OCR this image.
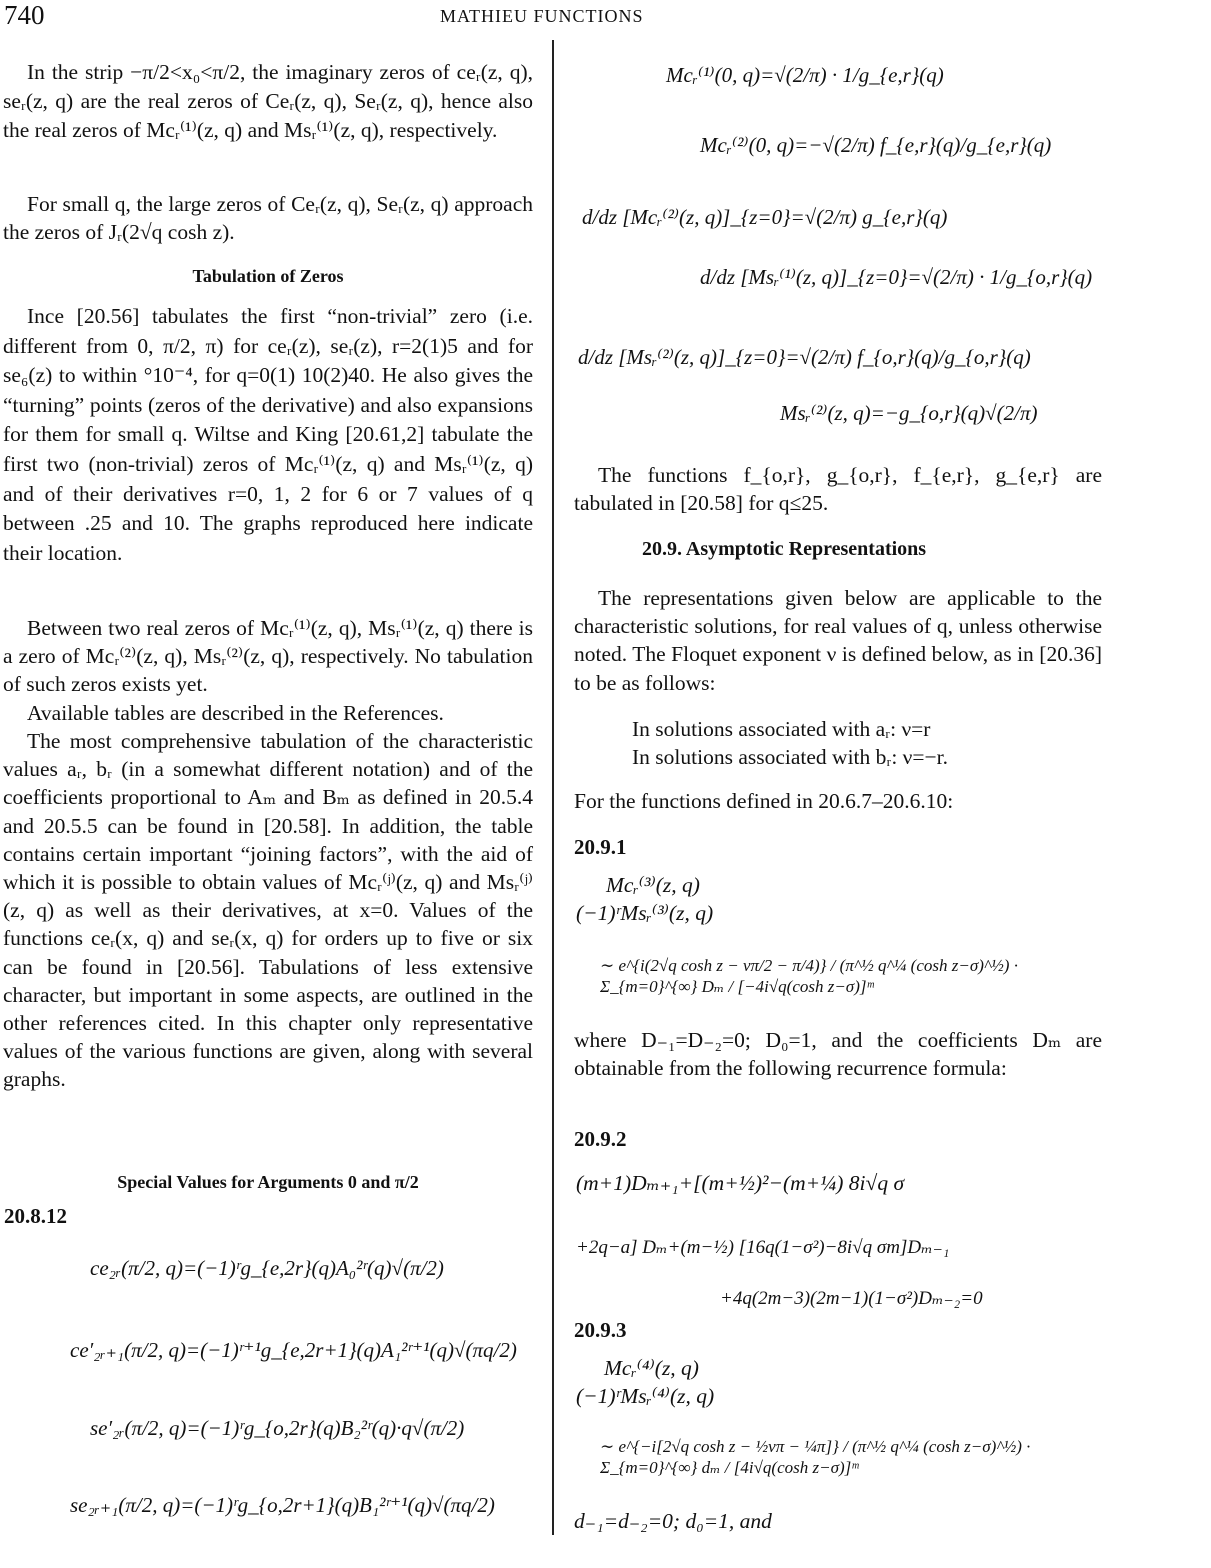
740	MATHIEU FUNCTIONS
In the strip −π/2<x₀<π/2, the imaginary zeros of ceᵣ(z, q), seᵣ(z, q) are the real zeros of Ceᵣ(z, q), Seᵣ(z, q), hence also the real zeros of Mcᵣ⁽¹⁾(z, q) and Msᵣ⁽¹⁾(z, q), respectively.
For small q, the large zeros of Ceᵣ(z, q), Seᵣ(z, q) approach the zeros of Jᵣ(2√q cosh z).
Tabulation of Zeros
Ince [20.56] tabulates the first “non-trivial” zero (i.e. different from 0, π/2, π) for ceᵣ(z), seᵣ(z), r=2(1)5 and for se₆(z) to within °10⁻⁴, for q=0(1) 10(2)40. He also gives the “turning” points (zeros of the derivative) and also expansions for them for small q. Wiltse and King [20.61,2] tabulate the first two (non-trivial) zeros of Mcᵣ⁽¹⁾(z, q) and Msᵣ⁽¹⁾(z, q) and of their derivatives r=0, 1, 2 for 6 or 7 values of q between .25 and 10. The graphs reproduced here indicate their location.
Between two real zeros of Mcᵣ⁽¹⁾(z, q), Msᵣ⁽¹⁾(z, q) there is a zero of Mcᵣ⁽²⁾(z, q), Msᵣ⁽²⁾(z, q), respectively. No tabulation of such zeros exists yet.
Available tables are described in the References.
The most comprehensive tabulation of the characteristic values aᵣ, bᵣ (in a somewhat different notation) and of the coefficients proportional to Aₘ and Bₘ as defined in 20.5.4 and 20.5.5 can be found in [20.58]. In addition, the table contains certain important “joining factors”, with the aid of which it is possible to obtain values of Mcᵣ⁽ʲ⁾(z, q) and Msᵣ⁽ʲ⁾(z, q) as well as their derivatives, at x=0. Values of the functions ceᵣ(x, q) and seᵣ(x, q) for orders up to five or six can be found in [20.56]. Tabulations of less extensive character, but important in some aspects, are outlined in the other references cited. In this chapter only representative values of the various functions are given, along with several graphs.
Special Values for Arguments 0 and π/2
20.8.12
ce₂ᵣ(π/2, q)=(−1)ʳg_{e,2r}(q)A₀²ʳ(q)√(π/2)
ce′₂ᵣ₊₁(π/2, q)=(−1)ʳ⁺¹g_{e,2r+1}(q)A₁²ʳ⁺¹(q)√(πq/2)
se′₂ᵣ(π/2, q)=(−1)ʳg_{o,2r}(q)B₂²ʳ(q)·q√(π/2)
se₂ᵣ₊₁(π/2, q)=(−1)ʳg_{o,2r+1}(q)B₁²ʳ⁺¹(q)√(πq/2)
Mcᵣ⁽¹⁾(0, q)=√(2/π) · 1/g_{e,r}(q)
Mcᵣ⁽²⁾(0, q)=−√(2/π) f_{e,r}(q)/g_{e,r}(q)
d/dz [Mcᵣ⁽²⁾(z, q)]_{z=0}=√(2/π) g_{e,r}(q)
d/dz [Msᵣ⁽¹⁾(z, q)]_{z=0}=√(2/π) · 1/g_{o,r}(q)
d/dz [Msᵣ⁽²⁾(z, q)]_{z=0}=√(2/π) f_{o,r}(q)/g_{o,r}(q)
Msᵣ⁽²⁾(z, q)=−g_{o,r}(q)√(2/π)
The functions f_{o,r}, g_{o,r}, f_{e,r}, g_{e,r} are tabulated in [20.58] for q≤25.
20.9. Asymptotic Representations
The representations given below are applicable to the characteristic solutions, for real values of q, unless otherwise noted. The Floquet exponent ν is defined below, as in [20.36] to be as follows:
In solutions associated with aᵣ: ν=r
In solutions associated with bᵣ: ν=−r.
For the functions defined in 20.6.7–20.6.10:
20.9.1
Mcᵣ⁽³⁾(z, q)
(−1)ʳMsᵣ⁽³⁾(z, q)
∼ e^{i(2√q cosh z − νπ/2 − π/4)} / (π^½ q^¼ (cosh z−σ)^½) · Σ_{m=0}^{∞} Dₘ / [−4i√q(cosh z−σ)]ᵐ
where D₋₁=D₋₂=0; D₀=1, and the coefficients Dₘ are obtainable from the following recurrence formula:
20.9.2
(m+1)Dₘ₊₁+[(m+½)²−(m+¼) 8i√q σ
+2q−a] Dₘ+(m−½) [16q(1−σ²)−8i√q σm]Dₘ₋₁
+4q(2m−3)(2m−1)(1−σ²)Dₘ₋₂=0
20.9.3
Mcᵣ⁽⁴⁾(z, q)
(−1)ʳMsᵣ⁽⁴⁾(z, q)
∼ e^{−i[2√q cosh z − ½νπ − ¼π]} / (π^½ q^¼ (cosh z−σ)^½) · Σ_{m=0}^{∞} dₘ / [4i√q(cosh z−σ)]ᵐ
d₋₁=d₋₂=0; d₀=1, and
